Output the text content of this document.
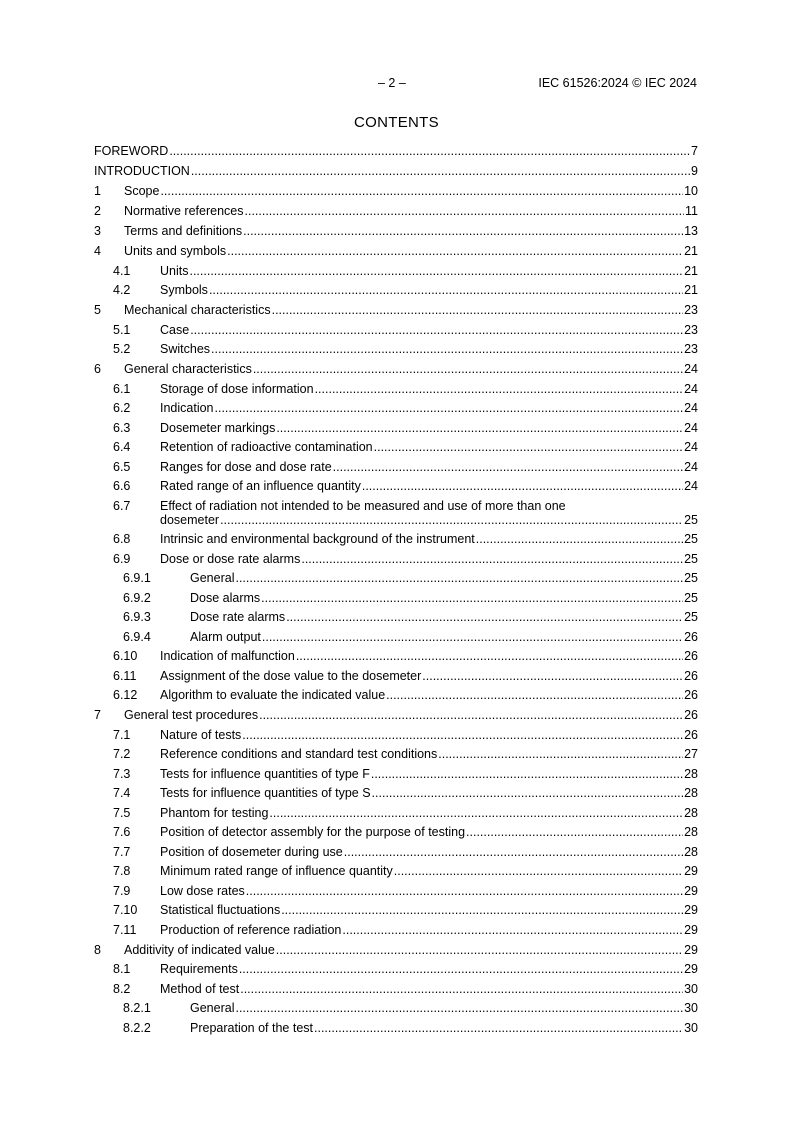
– 2 –	IEC 61526:2024 © IEC 2024
CONTENTS
FOREWORD .....	7
INTRODUCTION .....	9
1	Scope .....	10
2	Normative references .....	11
3	Terms and definitions .....	13
4	Units and symbols .....	21
4.1	Units .....	21
4.2	Symbols .....	21
5	Mechanical characteristics .....	23
5.1	Case .....	23
5.2	Switches .....	23
6	General characteristics .....	24
6.1	Storage of dose information .....	24
6.2	Indication .....	24
6.3	Dosemeter markings .....	24
6.4	Retention of radioactive contamination .....	24
6.5	Ranges for dose and dose rate .....	24
6.6	Rated range of an influence quantity .....	24
6.7	Effect of radiation not intended to be measured and use of more than one
dosemeter .....	25
6.8	Intrinsic and environmental background of the instrument .....	25
6.9	Dose or dose rate alarms .....	25
6.9.1	General .....	25
6.9.2	Dose alarms .....	25
6.9.3	Dose rate alarms .....	25
6.9.4	Alarm output .....	26
6.10	Indication of malfunction .....	26
6.11	Assignment of the dose value to the dosemeter .....	26
6.12	Algorithm to evaluate the indicated value .....	26
7	General test procedures .....	26
7.1	Nature of tests .....	26
7.2	Reference conditions and standard test conditions .....	27
7.3	Tests for influence quantities of type F .....	28
7.4	Tests for influence quantities of type S .....	28
7.5	Phantom for testing .....	28
7.6	Position of detector assembly for the purpose of testing .....	28
7.7	Position of dosemeter during use .....	28
7.8	Minimum rated range of influence quantity .....	29
7.9	Low dose rates .....	29
7.10	Statistical fluctuations .....	29
7.11	Production of reference radiation .....	29
8	Additivity of indicated value .....	29
8.1	Requirements .....	29
8.2	Method of test .....	30
8.2.1	General .....	30
8.2.2	Preparation of the test .....	30
